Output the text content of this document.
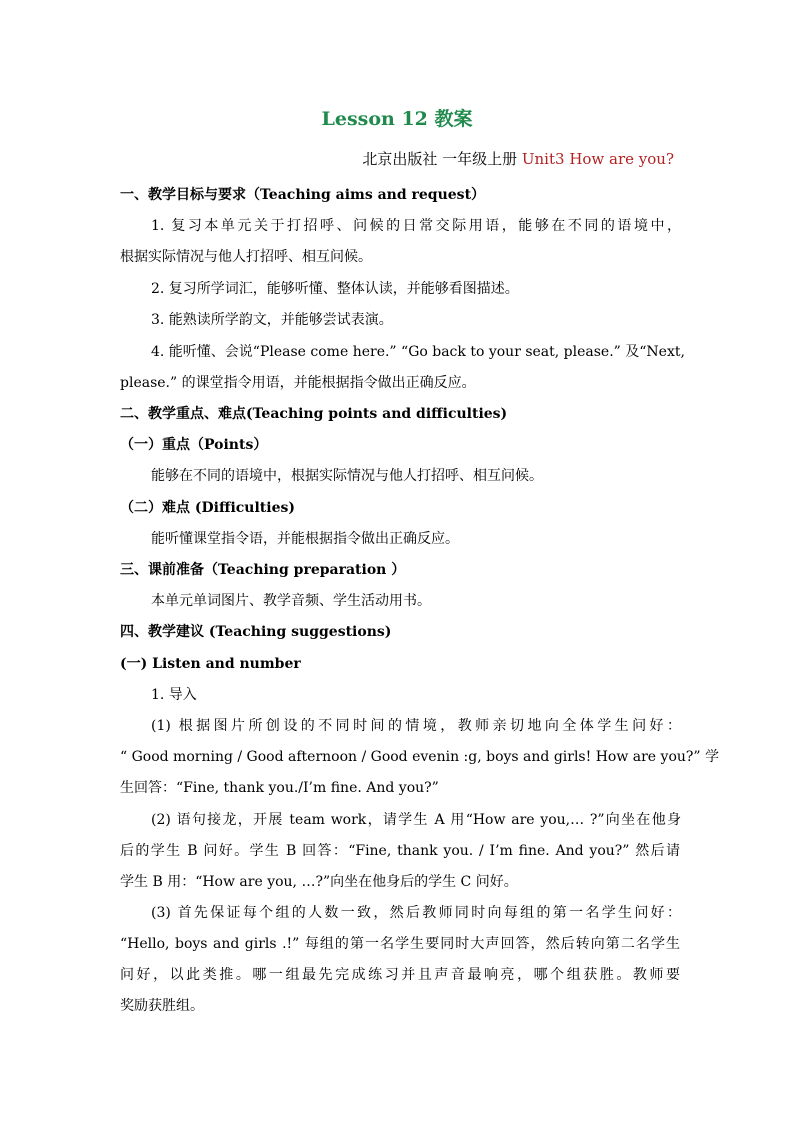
Lesson 12 教案
北京出版社 一年级上册 Unit3 How are you?
一、教学目标与要求（Teaching aims and request）
1. 复习本单元关于打招呼、问候的日常交际用语，能够在不同的语境中，
根据实际情况与他人打招呼、相互问候。
2. 复习所学词汇，能够听懂、整体认读，并能够看图描述。
3. 能熟读所学韵文，并能够尝试表演。
4. 能听懂、会说“Please come here.” “Go back to your seat, please.” 及“Next,
please.” 的课堂指令用语，并能根据指令做出正确反应。
二、教学重点、难点(Teaching points and difficulties)
（一）重点（Points）
能够在不同的语境中，根据实际情况与他人打招呼、相互问候。
（二）难点 (Difficulties)
能听懂课堂指令语，并能根据指令做出正确反应。
三、课前准备（Teaching preparation ）
本单元单词图片、教学音频、学生活动用书。
四、教学建议 (Teaching suggestions)
(一) Listen and number
1. 导入
(1) 根据图片所创设的不同时间的情境，教师亲切地向全体学生问好：
“ Good morning / Good afternoon / Good evenin :g, boys and girls! How are you?” 学
生回答：“Fine, thank you./I’m fine. And you?”
(2) 语句接龙，开展 team work，请学生 A 用“How are you,… ?”向坐在他身
后的学生 B 问好。学生 B 回答：“Fine, thank you. / I’m fine. And you?” 然后请
学生 B 用：“How are you, …?”向坐在他身后的学生 C 问好。
(3) 首先保证每个组的人数一致，然后教师同时向每组的第一名学生问好：
“Hello, boys and girls .!” 每组的第一名学生要同时大声回答，然后转向第二名学生
问好，以此类推。哪一组最先完成练习并且声音最响亮，哪个组获胜。教师要
奖励获胜组。
